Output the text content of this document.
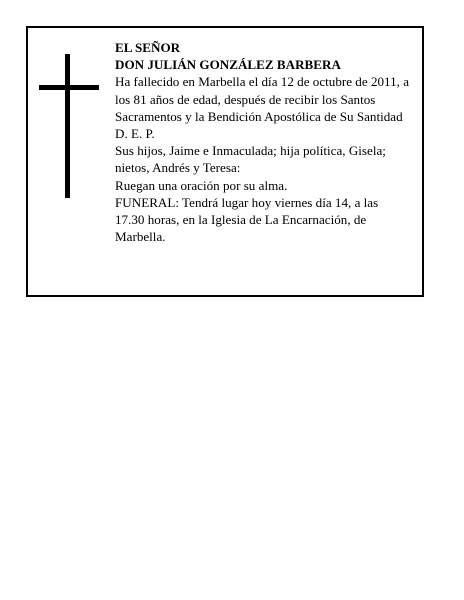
EL SEÑOR
DON JULIÁN GONZÁLEZ BARBERA
Ha fallecido en Marbella el día 12 de octubre de 2011, a
los 81 años de edad, después de recibir los Santos
Sacramentos y la Bendición Apostólica de Su Santidad
D. E. P.
Sus hijos, Jaime e Inmaculada; hija política, Gisela;
nietos, Andrés y Teresa:
Ruegan una oración por su alma.
FUNERAL: Tendrá lugar hoy viernes día 14, a las
17.30 horas, en la Iglesia de La Encarnación, de
Marbella.
